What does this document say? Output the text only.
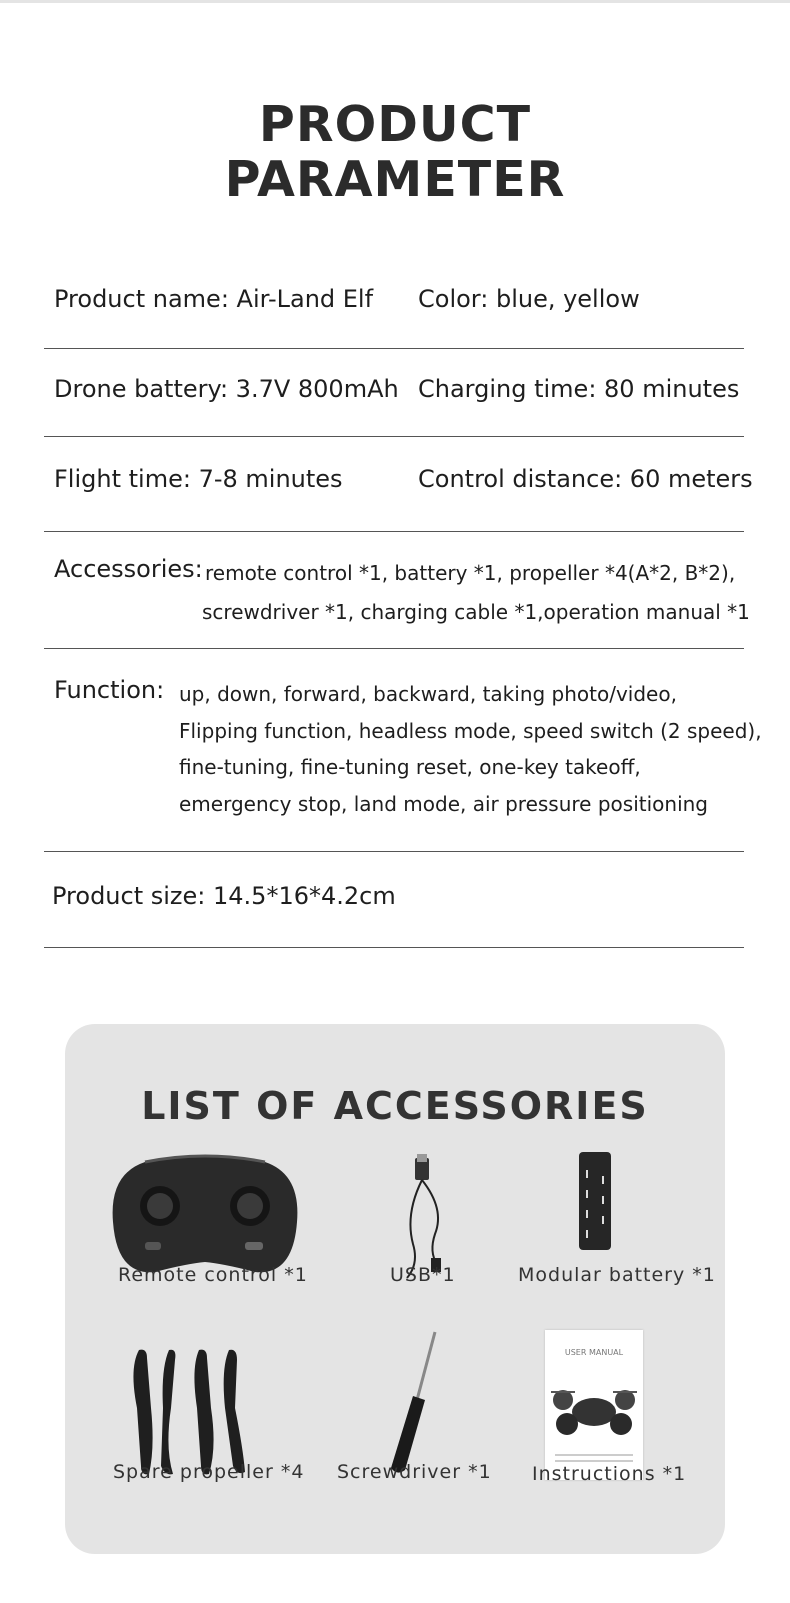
PRODUCT
PARAMETER
Product name: Air-Land Elf Color: blue, yellow
Drone battery: 3.7V 800mAh Charging time: 80 minutes
Flight time: 7-8 minutes	Control distance: 60 meters
Accessories: remote control *1, battery *1, propeller *4(A*2, B*2),
screwdriver *1, charging cable *1,operation manual *1
Function: up, down, forward, backward, taking photo/video,
Flipping function, headless mode, speed switch (2 speed),
fine-tuning, fine-tuning reset, one-key takeoff,
emergency stop, land mode, air pressure positioning
Product size: 14.5*16*4.2cm
LIST OF ACCESSORIES
Remote control *1	USB*1	Modular battery *1
USER MANUAL
Spare propeller *4 Screwdriver *1 Instructions *1
